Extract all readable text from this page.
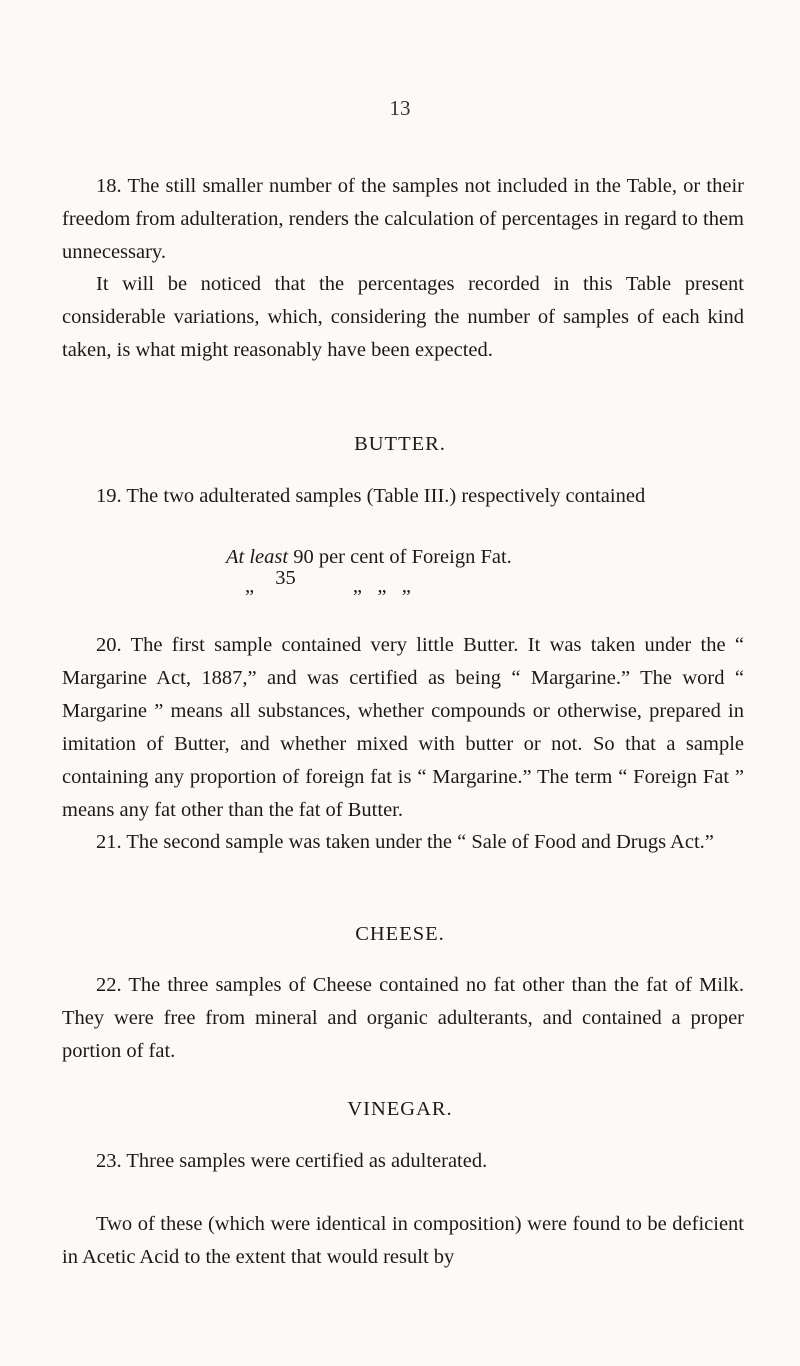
13

18. The still smaller number of the samples not included in the Table, or their freedom from adulteration, renders the calculation of percentages in regard to them unnecessary.

It will be noticed that the percentages recorded in this Table present considerable variations, which, considering the number of samples of each kind taken, is what might reasonably have been expected.

BUTTER.

19. The two adulterated samples (Table III.) respectively contained

At least 90 per cent of Foreign Fat.
„ 35	„   „   „

20. The first sample contained very little Butter. It was taken under the “ Margarine Act, 1887,” and was certified as being “ Margarine.” The word “ Margarine ” means all substances, whether compounds or otherwise, prepared in imitation of Butter, and whether mixed with butter or not. So that a sample containing any proportion of foreign fat is “ Margarine.” The term “ Foreign Fat ” means any fat other than the fat of Butter.

21. The second sample was taken under the “ Sale of Food and Drugs Act.”

CHEESE.

22. The three samples of Cheese contained no fat other than the fat of Milk. They were free from mineral and organic adulterants, and contained a proper portion of fat.

VINEGAR.

23. Three samples were certified as adulterated.

Two of these (which were identical in composition) were found to be deficient in Acetic Acid to the extent that would result by
